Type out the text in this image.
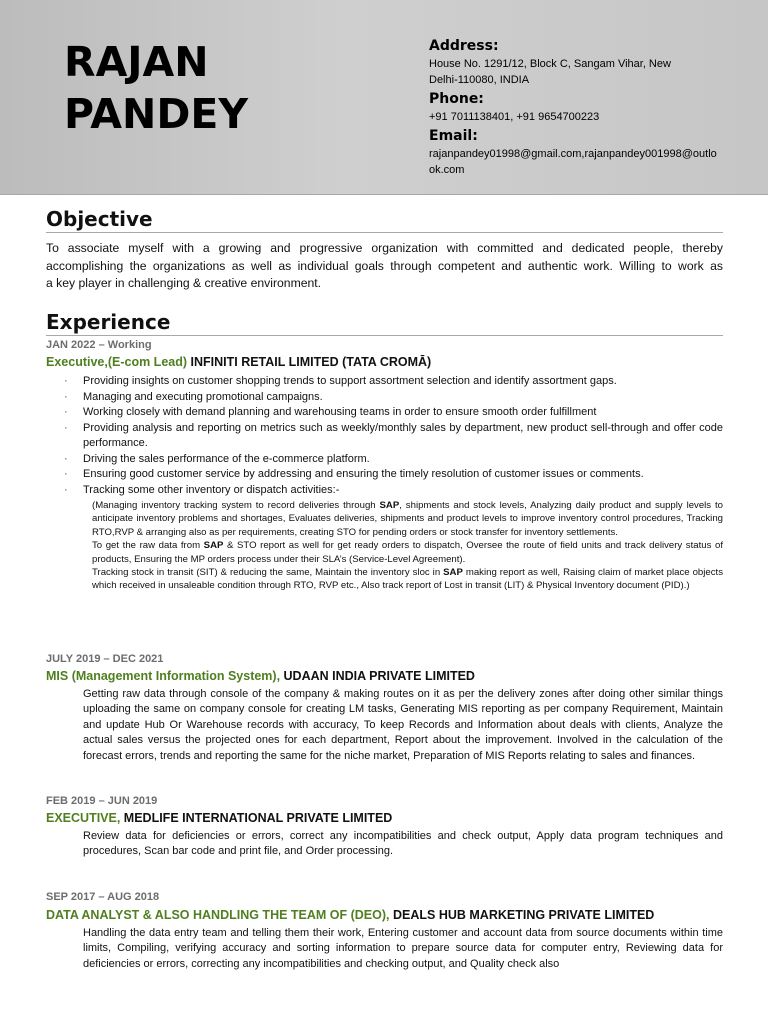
RAJAN
PANDEY
Address:
House No. 1291/12, Block C, Sangam Vihar, New
Delhi-110080, INDIA
Phone:
+91 7011138401, +91 9654700223
Email:
rajanpandey01998@gmail.com,rajanpandey001998@outlo
ok.com
Objective
To associate myself with a growing and progressive organization with committed and dedicated people, thereby
accomplishing the organizations as well as individual goals through competent and authentic work. Willing to work as
a key player in challenging & creative environment.
Experience
JAN 2022 – Working
Executive,(E-com Lead) INFINITI RETAIL LIMITED (TATA CROMĀ)
· Providing insights on customer shopping trends to support assortment selection and identify assortment gaps.
· Managing and executing promotional campaigns.
· Working closely with demand planning and warehousing teams in order to ensure smooth order fulfillment
· Providing analysis and reporting on metrics such as weekly/monthly sales by department, new product sell-through and offer code performance.
· Driving the sales performance of the e-commerce platform.
· Ensuring good customer service by addressing and ensuring the timely resolution of customer issues or comments.
· Tracking some other inventory or dispatch activities:-

(Managing inventory tracking system to record deliveries through SAP, shipments and stock levels, Analyzing daily product and supply levels to anticipate inventory problems and shortages, Evaluates deliveries, shipments and product levels to improve inventory control procedures, Tracking RTO,RVP & arranging also as per requirements, creating STO for pending orders or stock transfer for inventory settlements.

To get the raw data from SAP & STO report as well for get ready orders to dispatch, Oversee the route of field units and track delivery status of products, Ensuring the MP orders process under their SLA’s (Service-Level Agreement).

Tracking stock in transit (SIT) & reducing the same, Maintain the inventory sloc in SAP making report as well, Raising claim of market place objects which received in unsaleable condition through RTO, RVP etc., Also track report of Lost in transit (LIT) & Physical Inventory document (PID).)

JULY 2019 – DEC 2021
MIS (Management Information System), UDAAN INDIA PRIVATE LIMITED
Getting raw data through console of the company & making routes on it as per the delivery zones after doing other similar things uploading the same on company console for creating LM tasks, Generating MIS reporting as per company Requirement, Maintain and update Hub Or Warehouse records with accuracy, To keep Records and Information about deals with clients, Analyze the actual sales versus the projected ones for each department, Report about the improvement. Involved in the calculation of the forecast errors, trends and reporting the same for the niche market, Preparation of MIS Reports relating to sales and finances.
FEB 2019 – JUN 2019
EXECUTIVE, MEDLIFE INTERNATIONAL PRIVATE LIMITED
Review data for deficiencies or errors, correct any incompatibilities and check output, Apply data program techniques and procedures, Scan bar code and print file, and Order processing.
SEP 2017 – AUG 2018
DATA ANALYST & ALSO HANDLING THE TEAM OF (DEO), DEALS HUB MARKETING PRIVATE LIMITED
Handling the data entry team and telling them their work, Entering customer and account data from source documents within time limits, Compiling, verifying accuracy and sorting information to prepare source data for computer entry, Reviewing data for deficiencies or errors, correcting any incompatibilities and checking output, and Quality check also
